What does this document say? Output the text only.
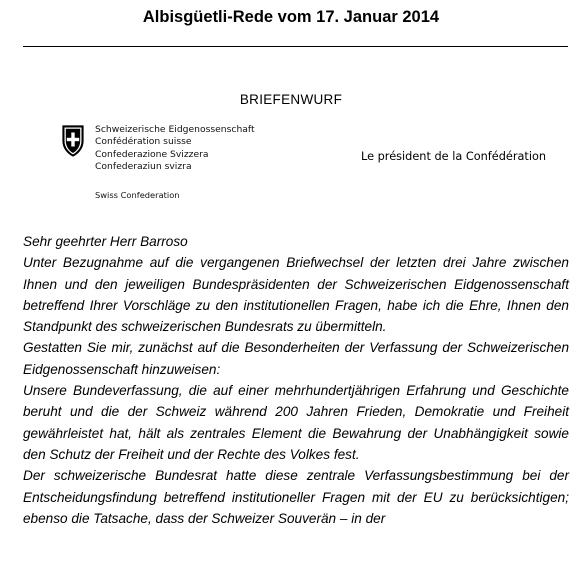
Albisgüetli-Rede vom 17. Januar 2014
BRIEFENWURF
Schweizerische Eidgenossenschaft
Confédération suisse
Confederazione Svizzera
Confederaziun svizra
Swiss Confederation
Le président de la Confédération

Sehr geehrter Herr Barroso

Unter Bezugnahme auf die vergangenen Briefwechsel der letzten drei Jahre zwischen Ihnen und den jeweiligen Bundespräsidenten der Schweizerischen Eidgenossenschaft betreffend Ihrer Vorschläge zu den institutionellen Fragen, habe ich die Ehre, Ihnen den Standpunkt des schweizerischen Bundesrats zu übermitteln.

Gestatten Sie mir, zunächst auf die Besonderheiten der Verfassung der Schweizerischen Eidgenossenschaft hinzuweisen:

Unsere Bundeverfassung, die auf einer mehrhundertjährigen Erfahrung und Geschichte beruht und die der Schweiz während 200 Jahren Frieden, Demokratie und Freiheit gewährleistet hat, hält als zentrales Element die Bewahrung der Unabhängigkeit sowie den Schutz der Freiheit und der Rechte des Volkes fest.

Der schweizerische Bundesrat hatte diese zentrale Verfassungsbestimmung bei der Entscheidungsfindung betreffend institutioneller Fragen mit der EU zu berücksichtigen; ebenso die Tatsache, dass der Schweizer Souverän – in der
